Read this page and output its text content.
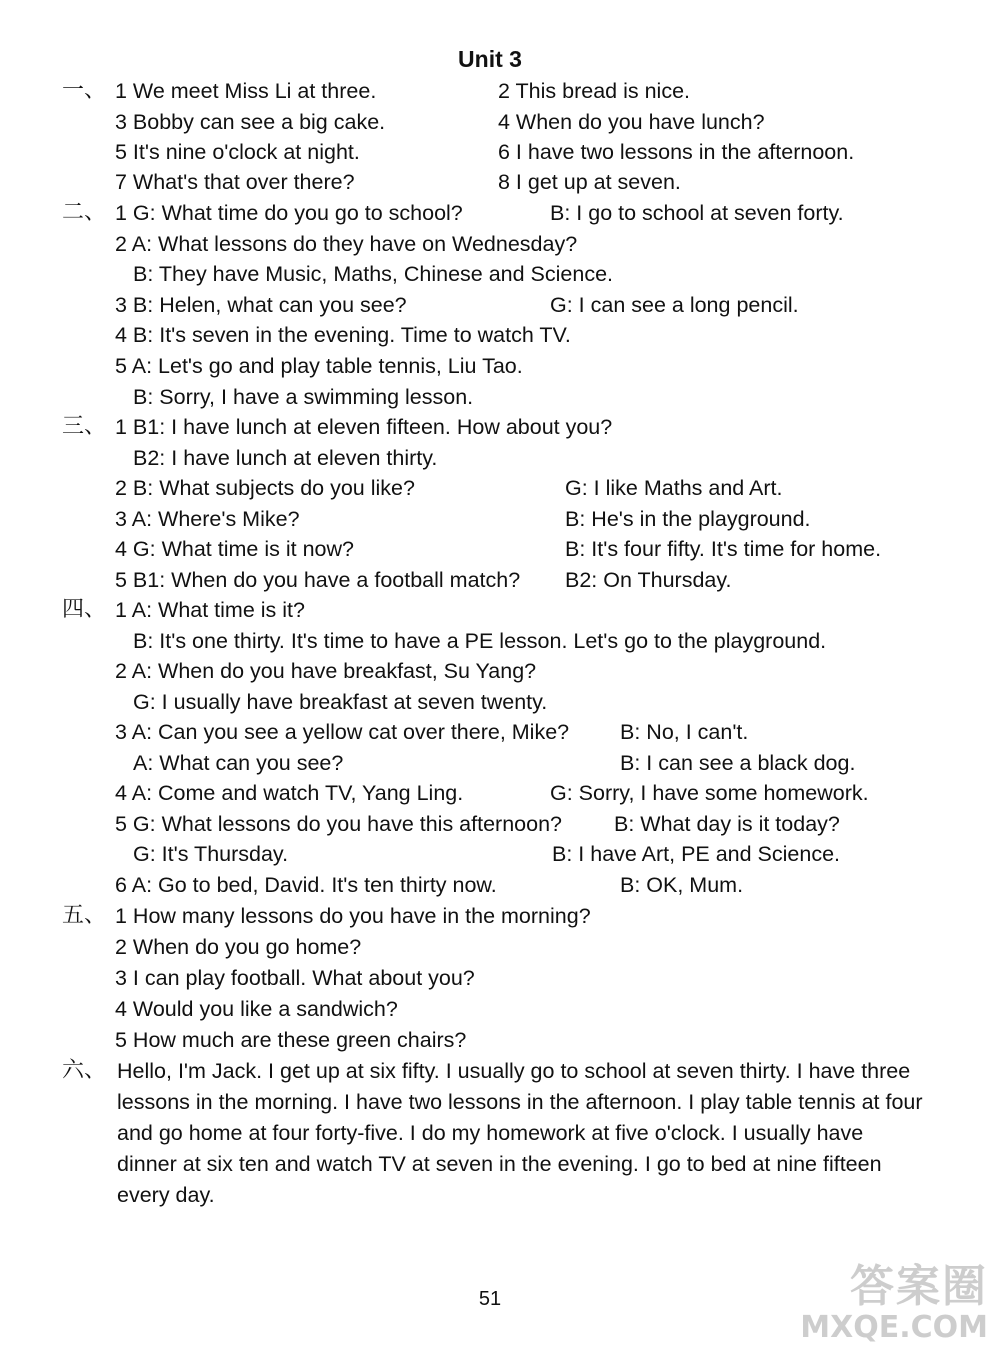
Unit 3
一、 1 We meet Miss Li at three.	2 This bread is nice.
3 Bobby can see a big cake.	4 When do you have lunch?
5 It's nine o'clock at night.	6 I have two lessons in the afternoon.
7 What's that over there?	8 I get up at seven.
二、 1 G: What time do you go to school?	B: I go to school at seven forty.
2 A: What lessons do they have on Wednesday?
B: They have Music, Maths, Chinese and Science.
3 B: Helen, what can you see?	G: I can see a long pencil.
4 B: It's seven in the evening. Time to watch TV.
5 A: Let's go and play table tennis, Liu Tao.
B: Sorry, I have a swimming lesson.
三、 1 B1: I have lunch at eleven fifteen. How about you?
B2: I have lunch at eleven thirty.
2 B: What subjects do you like?	G: I like Maths and Art.
3 A: Where's Mike?	B: He's in the playground.
4 G: What time is it now?	B: It's four fifty. It's time for home.
5 B1: When do you have a football match? B2: On Thursday.
四、 1 A: What time is it?
B: It's one thirty. It's time to have a PE lesson. Let's go to the playground.
2 A: When do you have breakfast, Su Yang?
G: I usually have breakfast at seven twenty.
3 A: Can you see a yellow cat over there, Mike? B: No, I can't.
A: What can you see?	B: I can see a black dog.
4 A: Come and watch TV, Yang Ling.	G: Sorry, I have some homework.
5 G: What lessons do you have this afternoon? B: What day is it today?
G: It's Thursday.	B: I have Art, PE and Science.
6 A: Go to bed, David. It's ten thirty now.	B: OK, Mum.
五、 1 How many lessons do you have in the morning?
2 When do you go home?
3 I can play football. What about you?
4 Would you like a sandwich?
5 How much are these green chairs?
六、 Hello, I'm Jack. I get up at six fifty. I usually go to school at seven thirty. I have three lessons in the morning. I have two lessons in the afternoon. I play table tennis at four and go home at four forty-five. I do my homework at five o'clock. I usually have dinner at six ten and watch TV at seven in the evening. I go to bed at nine fifteen every day.
51	答案圈
MXQE.COM
